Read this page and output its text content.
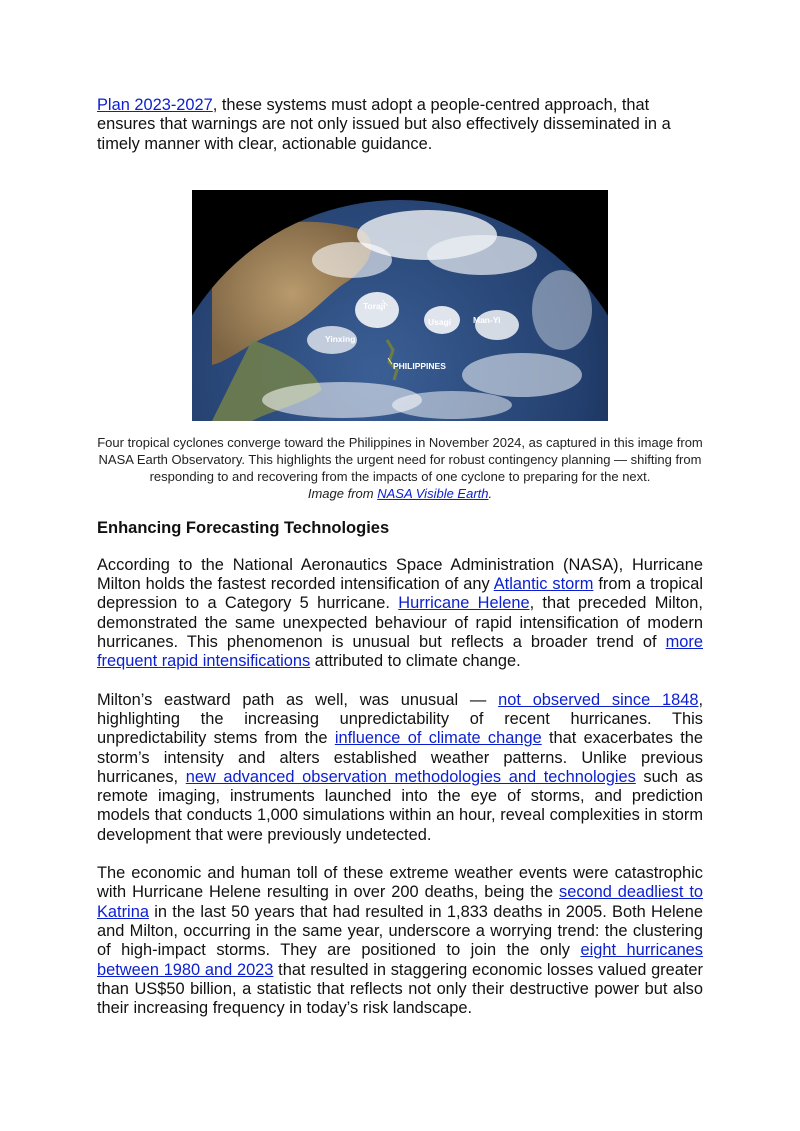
Plan 2023-2027, these systems must adopt a people-centred approach, that ensures that warnings are not only issued but also effectively disseminated in a timely manner with clear, actionable guidance.

Toraji
Usagi	Man-Yi
Yinxing
PHILIPPINES
Four tropical cyclones converge toward the Philippines in November 2024, as captured in this image from NASA Earth Observatory. This highlights the urgent need for robust contingency planning — shifting from responding to and recovering from the impacts of one cyclone to preparing for the next.
Image from NASA Visible Earth.
Enhancing Forecasting Technologies

According to the National Aeronautics Space Administration (NASA), Hurricane Milton holds the fastest recorded intensification of any Atlantic storm from a tropical depression to a Category 5 hurricane. Hurricane Helene, that preceded Milton, demonstrated the same unexpected behaviour of rapid intensification of modern hurricanes. This phenomenon is unusual but reflects a broader trend of more frequent rapid intensifications attributed to climate change.

Milton’s eastward path as well, was unusual — not observed since 1848, highlighting the increasing unpredictability of recent hurricanes. This unpredictability stems from the influence of climate change that exacerbates the storm’s intensity and alters established weather patterns. Unlike previous hurricanes, new advanced observation methodologies and technologies such as remote imaging, instruments launched into the eye of storms, and prediction models that conducts 1,000 simulations within an hour, reveal complexities in storm development that were previously undetected.

The economic and human toll of these extreme weather events were catastrophic with Hurricane Helene resulting in over 200 deaths, being the second deadliest to Katrina in the last 50 years that had resulted in 1,833 deaths in 2005. Both Helene and Milton, occurring in the same year, underscore a worrying trend: the clustering of high-impact storms. They are positioned to join the only eight hurricanes between 1980 and 2023 that resulted in staggering economic losses valued greater than US$50 billion, a statistic that reflects not only their destructive power but also their increasing frequency in today’s risk landscape.
